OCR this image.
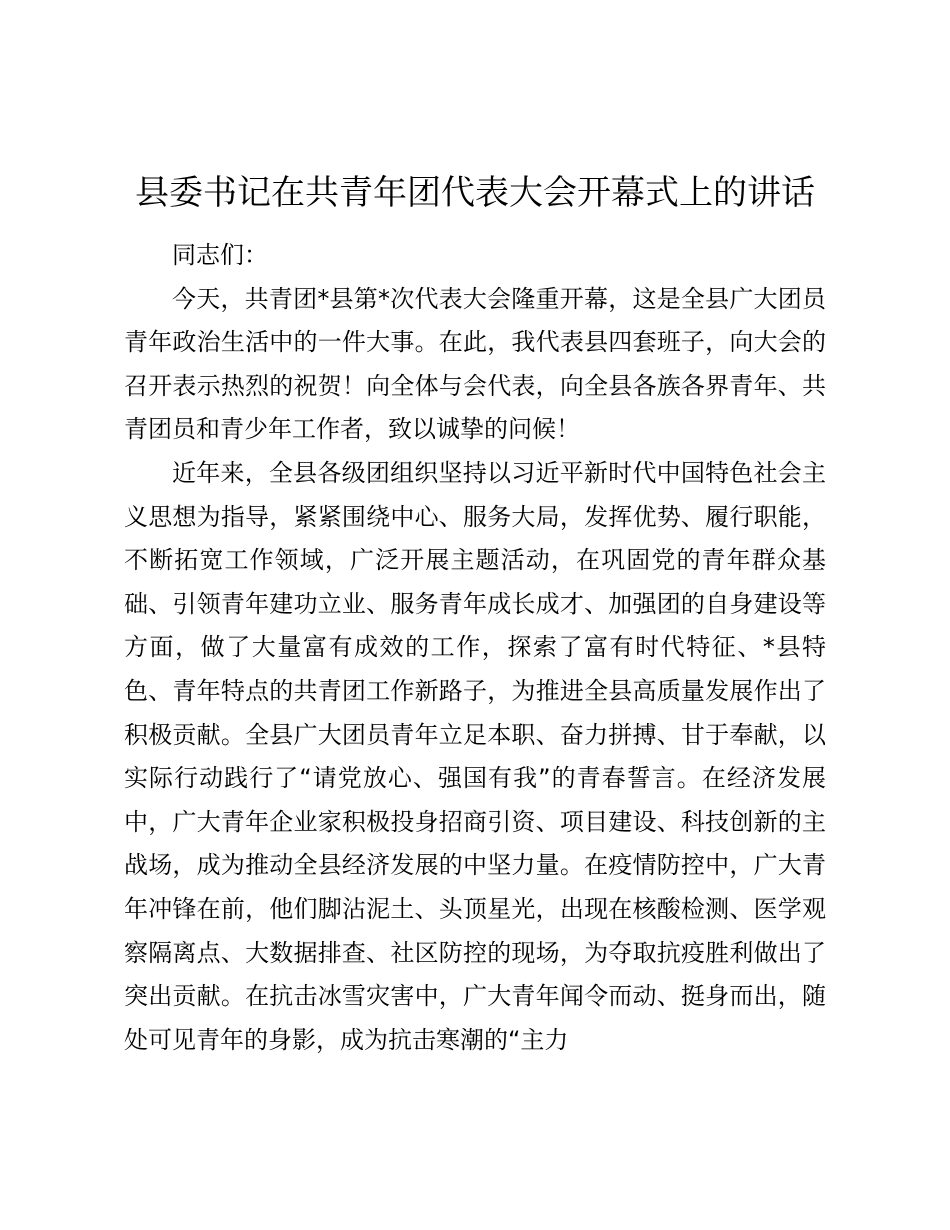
县委书记在共青年团代表大会开幕式上的讲话

同志们：

今天，共青团*县第*次代表大会隆重开幕，这是全县广大团员青年政治生活中的一件大事。在此，我代表县四套班子，向大会的召开表示热烈的祝贺！向全体与会代表，向全县各族各界青年、共青团员和青少年工作者，致以诚挚的问候！

近年来，全县各级团组织坚持以习近平新时代中国特色社会主义思想为指导，紧紧围绕中心、服务大局，发挥优势、履行职能，不断拓宽工作领域，广泛开展主题活动，在巩固党的青年群众基础、引领青年建功立业、服务青年成长成才、加强团的自身建设等方面，做了大量富有成效的工作，探索了富有时代特征、*县特色、青年特点的共青团工作新路子，为推进全县高质量发展作出了积极贡献。全县广大团员青年立足本职、奋力拼搏、甘于奉献，以实际行动践行了“请党放心、强国有我”的青春誓言。在经济发展中，广大青年企业家积极投身招商引资、项目建设、科技创新的主战场，成为推动全县经济发展的中坚力量。在疫情防控中，广大青年冲锋在前，他们脚沾泥土、头顶星光，出现在核酸检测、医学观察隔离点、大数据排查、社区防控的现场，为夺取抗疫胜利做出了突出贡献。在抗击冰雪灾害中，广大青年闻令而动、挺身而出，随处可见青年的身影，成为抗击寒潮的“主力
